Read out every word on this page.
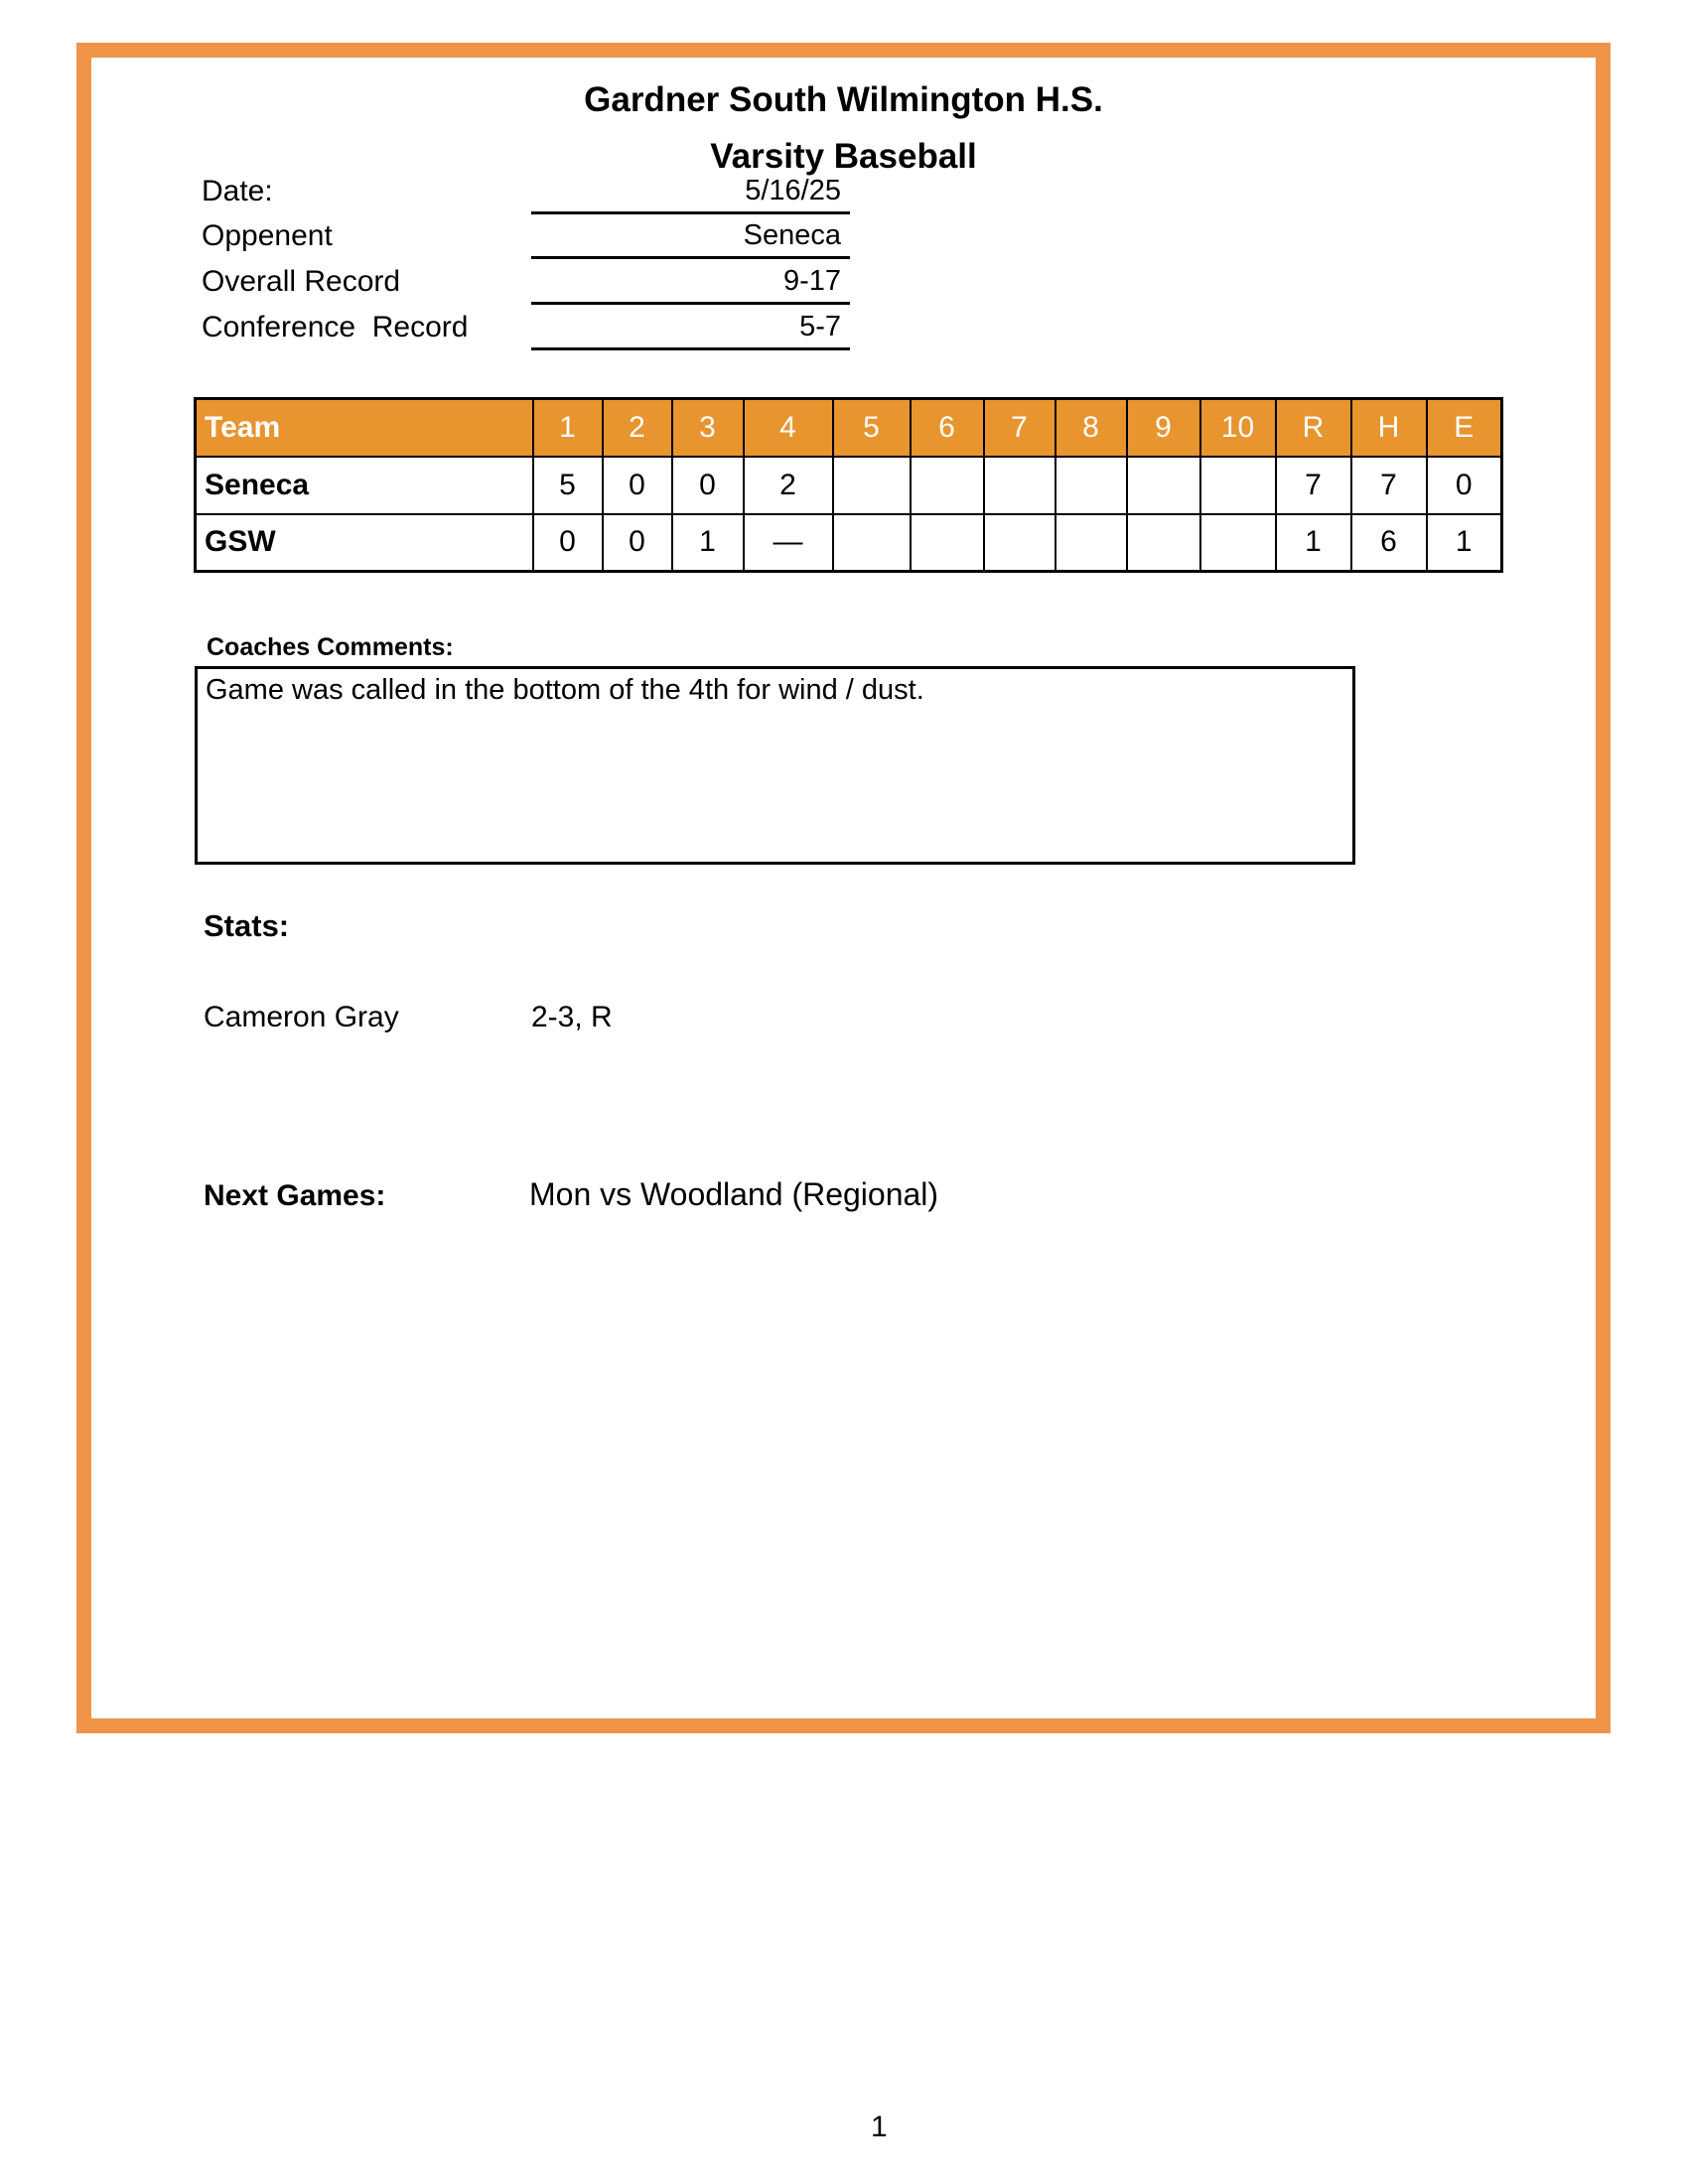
Gardner South Wilmington H.S.
Varsity Baseball
Date:	5/16/25
Oppenent	Seneca
Overall Record	9-17
Conference  Record	5-7
Team	1	2	3	4	5	6	7	8	9	10	R	H	E
Seneca	5	0	0	2							7	7	0
GSW	0	0	1	—							1	6	1
Coaches Comments:
Game was called in the bottom of the 4th for wind / dust.
Stats:
Cameron Gray	2-3, R
Next Games:	Mon vs Woodland (Regional)
1
